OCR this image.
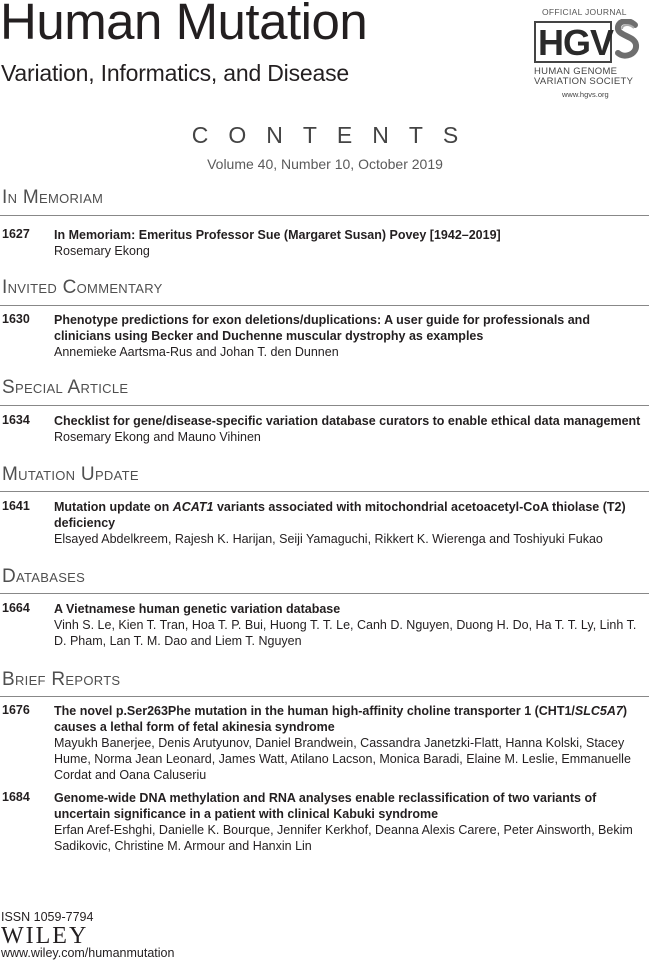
Human Mutation
Variation, Informatics, and Disease
OFFICIAL JOURNAL
HGV
HUMAN GENOME
VARIATION SOCIETY
www.hgvs.org
CONTENTS
Volume 40, Number 10, October 2019
In Memoriam
1627 In Memoriam: Emeritus Professor Sue (Margaret Susan) Povey [1942–2019]
Rosemary Ekong
Invited Commentary
1630 Phenotype predictions for exon deletions/duplications: A user guide for professionals and clinicians using Becker and Duchenne muscular dystrophy as examples
Annemieke Aartsma-Rus and Johan T. den Dunnen
Special Article
1634 Checklist for gene/disease-specific variation database curators to enable ethical data management
Rosemary Ekong and Mauno Vihinen
Mutation Update
1641 Mutation update on ACAT1 variants associated with mitochondrial acetoacetyl-CoA thiolase (T2) deficiency
Elsayed Abdelkreem, Rajesh K. Harijan, Seiji Yamaguchi, Rikkert K. Wierenga and Toshiyuki Fukao
Databases
1664 A Vietnamese human genetic variation database
Vinh S. Le, Kien T. Tran, Hoa T. P. Bui, Huong T. T. Le, Canh D. Nguyen, Duong H. Do, Ha T. T. Ly, Linh T. D. Pham, Lan T. M. Dao and Liem T. Nguyen
Brief Reports
1676 The novel p.Ser263Phe mutation in the human high-affinity choline transporter 1 (CHT1/SLC5A7) causes a lethal form of fetal akinesia syndrome
Mayukh Banerjee, Denis Arutyunov, Daniel Brandwein, Cassandra Janetzki-Flatt, Hanna Kolski, Stacey Hume, Norma Jean Leonard, James Watt, Atilano Lacson, Monica Baradi, Elaine M. Leslie, Emmanuelle Cordat and Oana Caluseriu
1684 Genome-wide DNA methylation and RNA analyses enable reclassification of two variants of uncertain significance in a patient with clinical Kabuki syndrome
Erfan Aref-Eshghi, Danielle K. Bourque, Jennifer Kerkhof, Deanna Alexis Carere, Peter Ainsworth, Bekim Sadikovic, Christine M. Armour and Hanxin Lin
ISSN 1059-7794
WILEY
www.wiley.com/humanmutation
